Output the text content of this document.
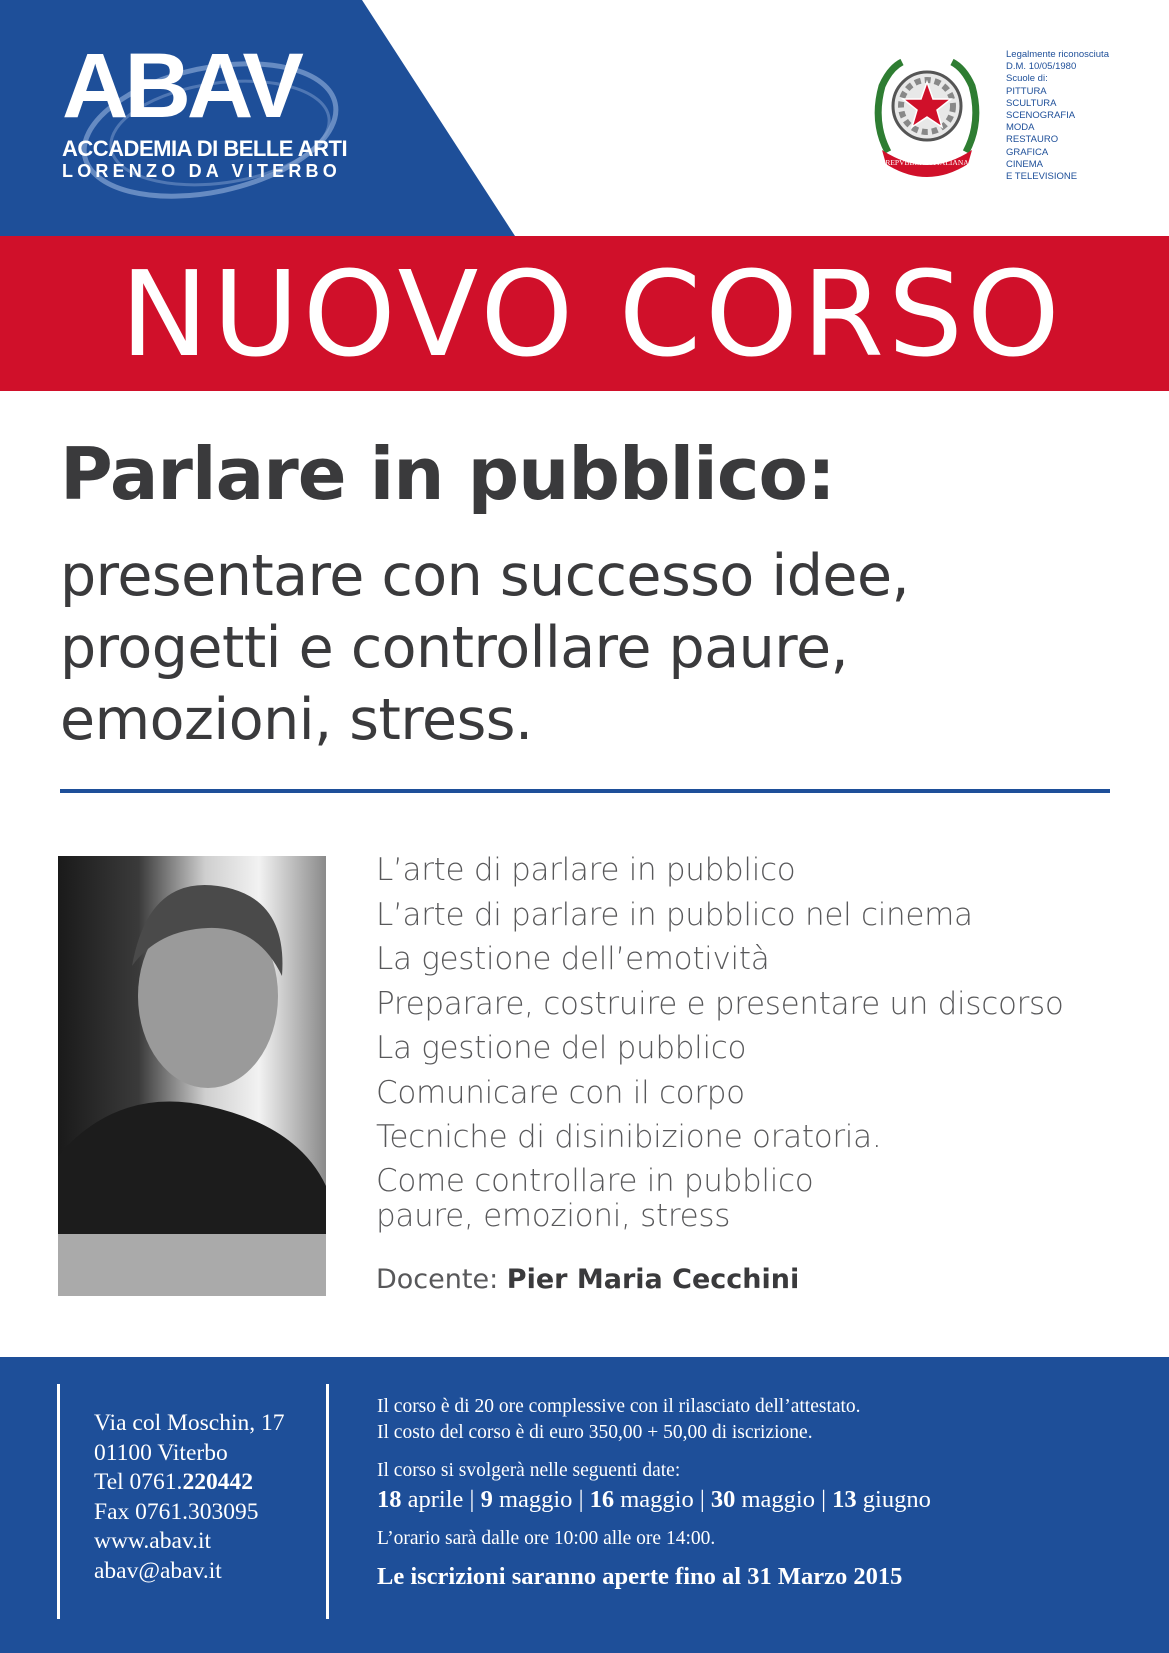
ABAV
ACCADEMIA DI BELLE ARTI
LORENZO DA VITERBO	REPVBBLICA ITALIANA
Legalmente riconosciuta
D.M. 10/05/1980
Scuole di:
PITTURA
SCULTURA
SCENOGRAFIA
MODA
RESTAURO
GRAFICA
CINEMA
E TELEVISIONE
NUOVO CORSO
Parlare in pubblico:
presentare con successo idee,
progetti e controllare paure,
emozioni, stress.
L’arte di parlare in pubblico
L’arte di parlare in pubblico nel cinema
La gestione dell’emotività
Preparare, costruire e presentare un discorso
La gestione del pubblico
Comunicare con il corpo
Tecniche di disinibizione oratoria.
Come controllare in pubblico
paure, emozioni, stress
Docente: Pier Maria Cecchini
Via col Moschin, 17
01100 Viterbo
Tel 0761.220442
Fax 0761.303095
www.abav.it
abav@abav.it
Il corso è di 20 ore complessive con il rilasciato dell’attestato.
Il costo del corso è di euro 350,00 + 50,00 di iscrizione.
Il corso si svolgerà nelle seguenti date:
18 aprile | 9 maggio | 16 maggio | 30 maggio | 13 giugno
L’orario sarà dalle ore 10:00 alle ore 14:00.
Le iscrizioni saranno aperte fino al 31 Marzo 2015
